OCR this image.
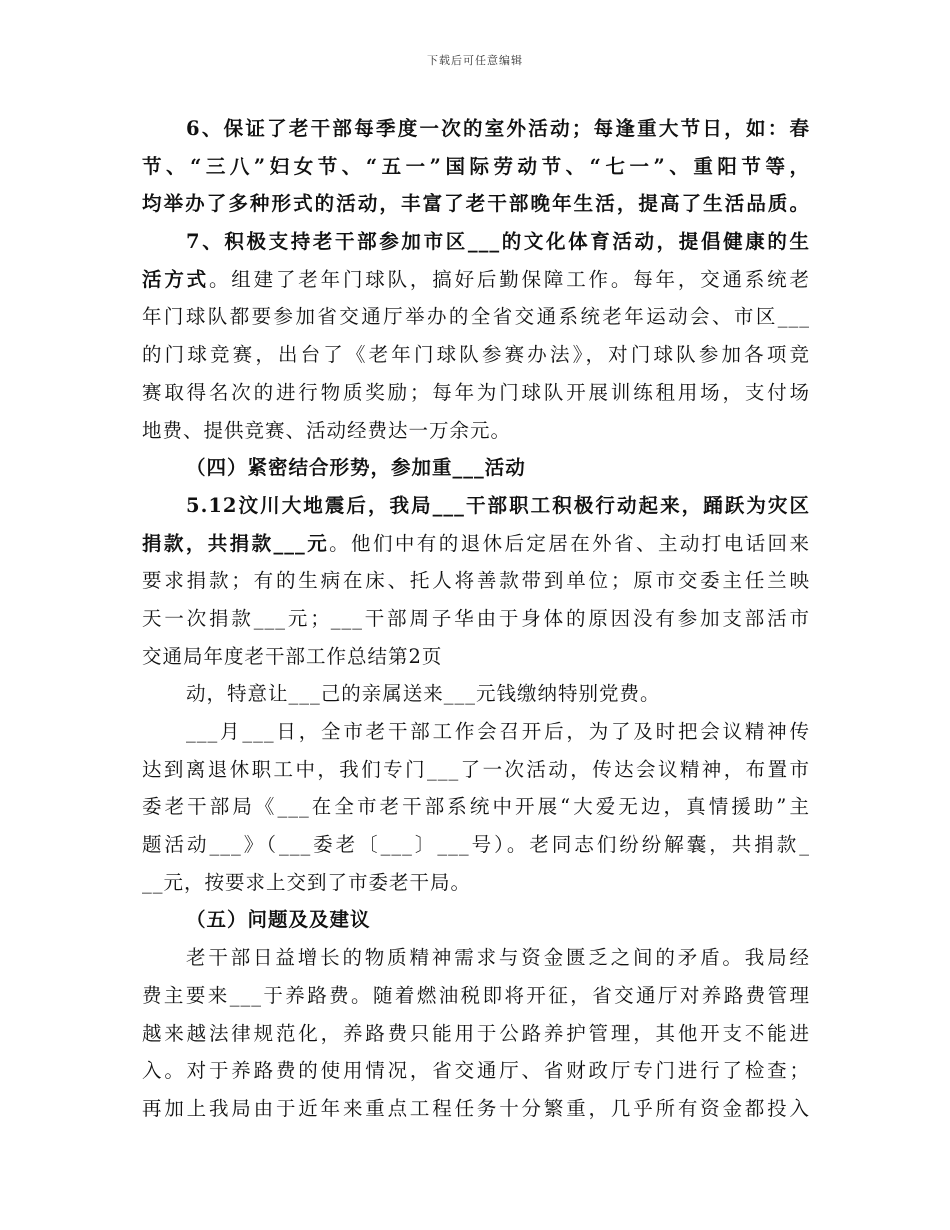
下载后可任意编辑
6、保证了老干部每季度一次的室外活动；每逢重大节日，如：春
节、“三八”妇女节、“五一”国际劳动节、“七一”、重阳节等，
均举办了多种形式的活动，丰富了老干部晚年生活，提高了生活品质。
7、积极支持老干部参加市区___的文化体育活动，提倡健康的生
活方式。组建了老年门球队，搞好后勤保障工作。每年，交通系统老
年门球队都要参加省交通厅举办的全省交通系统老年运动会、市区___
的门球竞赛，出台了《老年门球队参赛办法》，对门球队参加各项竞
赛取得名次的进行物质奖励；每年为门球队开展训练租用场，支付场
地费、提供竞赛、活动经费达一万余元。
（四）紧密结合形势，参加重___活动
5.12汶川大地震后，我局___干部职工积极行动起来，踊跃为灾区
捐款，共捐款___元。他们中有的退休后定居在外省、主动打电话回来
要求捐款；有的生病在床、托人将善款带到单位；原市交委主任兰映
天一次捐款___元；___干部周子华由于身体的原因没有参加支部活市
交通局年度老干部工作总结第2页
动，特意让___己的亲属送来___元钱缴纳特别党费。
___月___日，全市老干部工作会召开后，为了及时把会议精神传
达到离退休职工中，我们专门___了一次活动，传达会议精神，布置市
委老干部局《___在全市老干部系统中开展“大爱无边，真情援助”主
题活动___》（___委老〔___〕___号）。老同志们纷纷解囊，共捐款_
__元，按要求上交到了市委老干局。
（五）问题及及建议
老干部日益增长的物质精神需求与资金匮乏之间的矛盾。我局经
费主要来___于养路费。随着燃油税即将开征，省交通厅对养路费管理
越来越法律规范化，养路费只能用于公路养护管理，其他开支不能进
入。对于养路费的使用情况，省交通厅、省财政厅专门进行了检查；
再加上我局由于近年来重点工程任务十分繁重，几乎所有资金都投入
